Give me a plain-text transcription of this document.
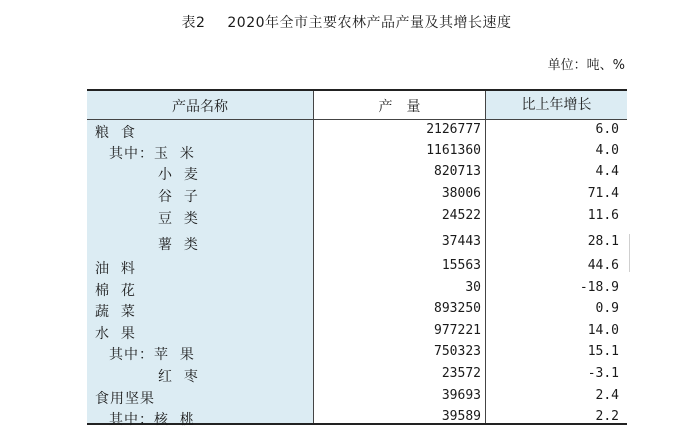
表2 2020年全市主要农林产品产量及其增长速度
单位：吨、%
产品名称	产量	比上年增长
粮  食	2126777	6.0
其中：玉  米	1161360	4.0
小  麦	820713	4.4
谷  子	38006	71.4
豆  类	24522	11.6
薯  类	37443	28.1
油  料	15563	44.6
棉  花	30	-18.9
蔬  菜	893250	0.9
水  果	977221	14.0
其中：苹  果	750323	15.1
红  枣	23572	-3.1
食用坚果	39693	2.4
其中：核  桃	39589	2.2
